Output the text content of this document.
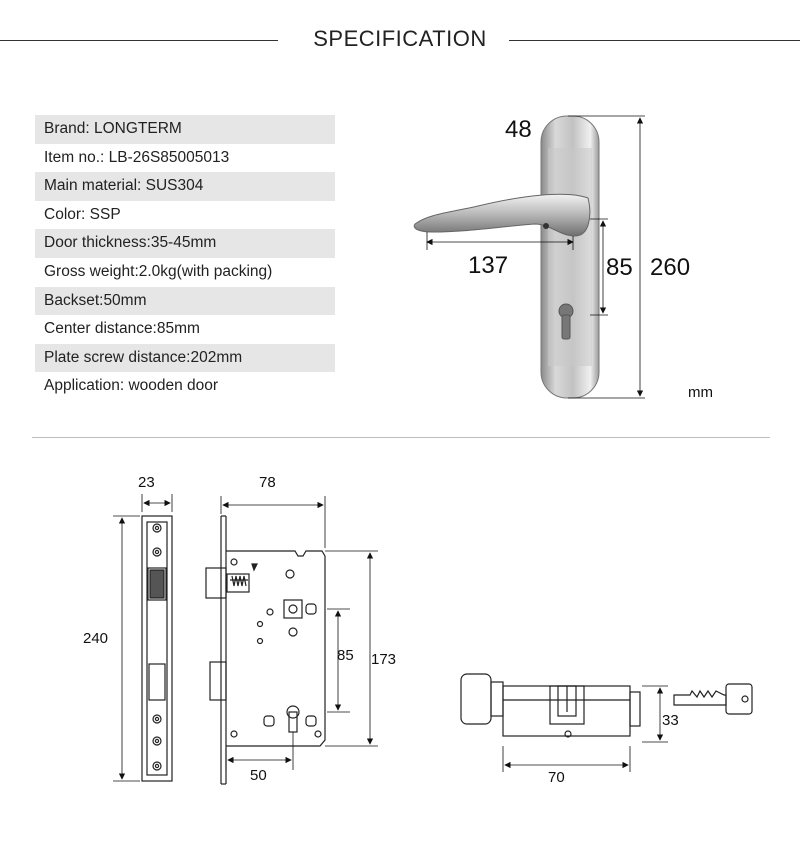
SPECIFICATION
Brand: LONGTERM
Item no.: LB-26S85005013
Main material: SUS304
Color: SSP
Door thickness:35-45mm
Gross weight:2.0kg(with packing)
Backset:50mm
Center distance:85mm
Plate screw distance:202mm
Application: wooden door
48
137	85 260
mm
23
240
78
85 173
50
33
70
